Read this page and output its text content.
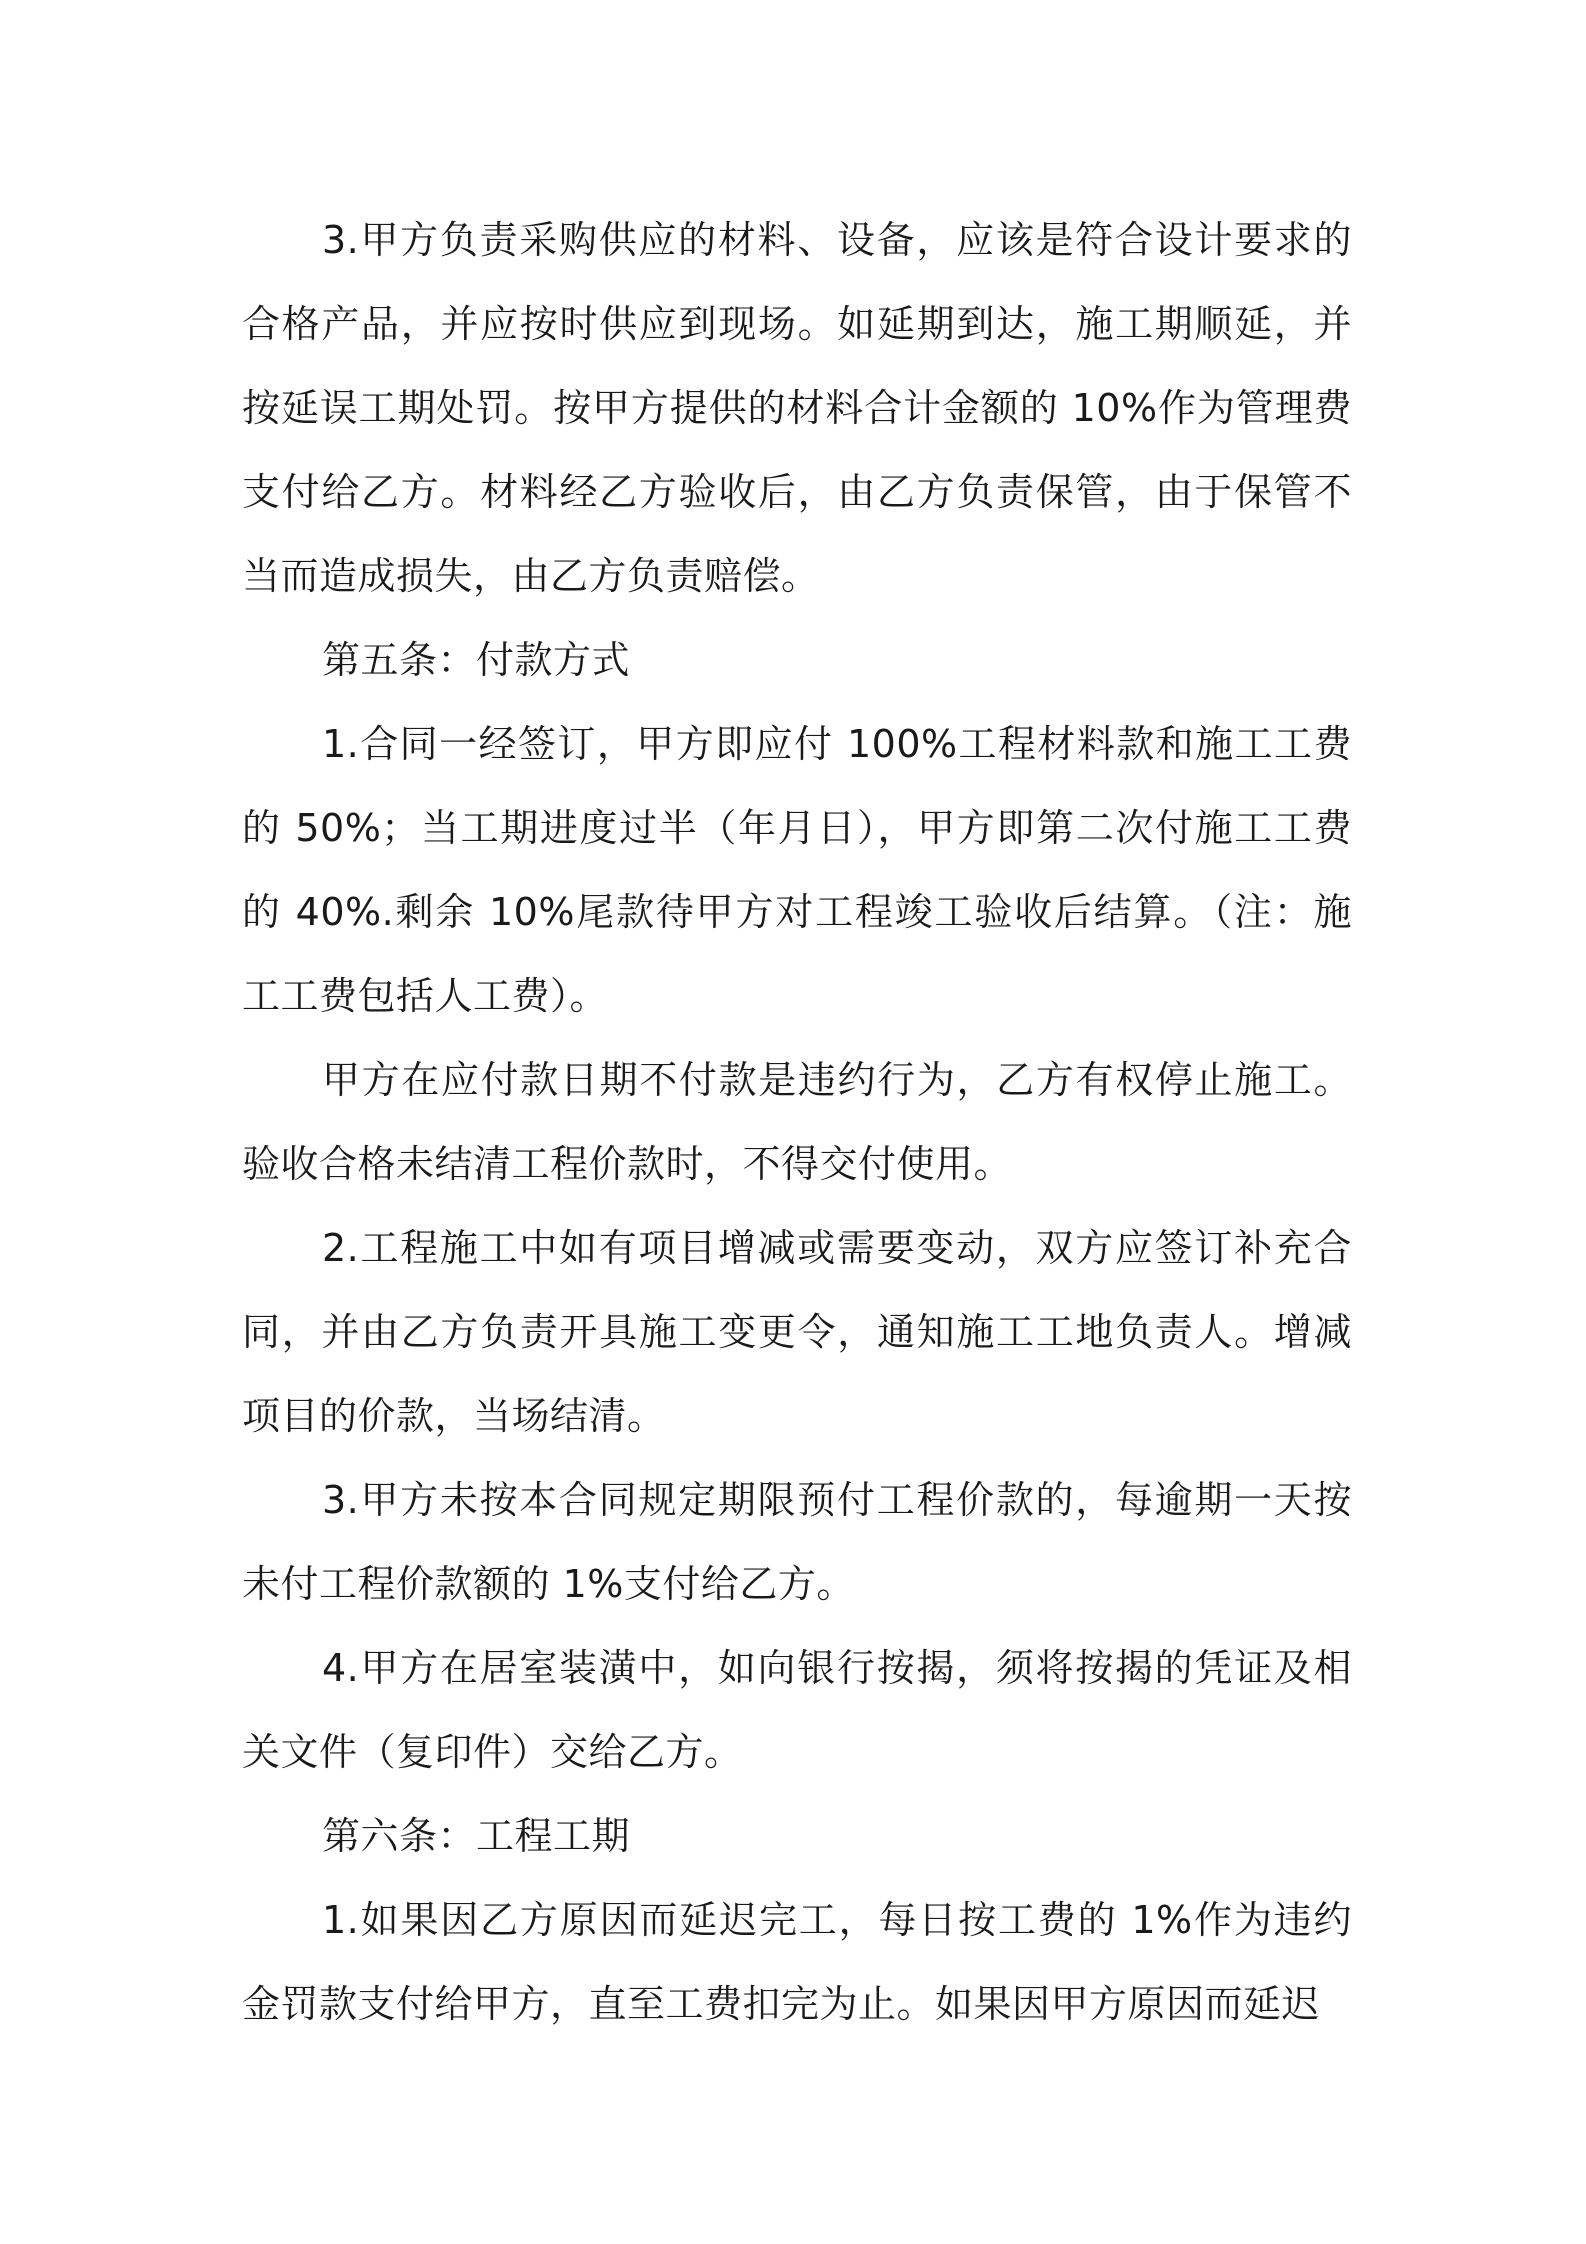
3.甲方负责采购供应的材料、设备，应该是符合设计要求的合格产品，并应按时供应到现场。如延期到达，施工期顺延，并按延误工期处罚。按甲方提供的材料合计金额的 10%作为管理费支付给乙方。材料经乙方验收后，由乙方负责保管，由于保管不当而造成损失，由乙方负责赔偿。

第五条：付款方式

1.合同一经签订，甲方即应付 100%工程材料款和施工工费的 50%；当工期进度过半（年月日），甲方即第二次付施工工费的 40%.剩余 10%尾款待甲方对工程竣工验收后结算。（注：施工工费包括人工费）。

甲方在应付款日期不付款是违约行为，乙方有权停止施工。验收合格未结清工程价款时，不得交付使用。

2.工程施工中如有项目增减或需要变动，双方应签订补充合同，并由乙方负责开具施工变更令，通知施工工地负责人。增减项目的价款，当场结清。

3.甲方未按本合同规定期限预付工程价款的，每逾期一天按未付工程价款额的 1%支付给乙方。

4.甲方在居室装潢中，如向银行按揭，须将按揭的凭证及相关文件（复印件）交给乙方。

第六条：工程工期

1.如果因乙方原因而延迟完工，每日按工费的 1%作为违约金罚款支付给甲方，直至工费扣完为止。如果因甲方原因而延迟
